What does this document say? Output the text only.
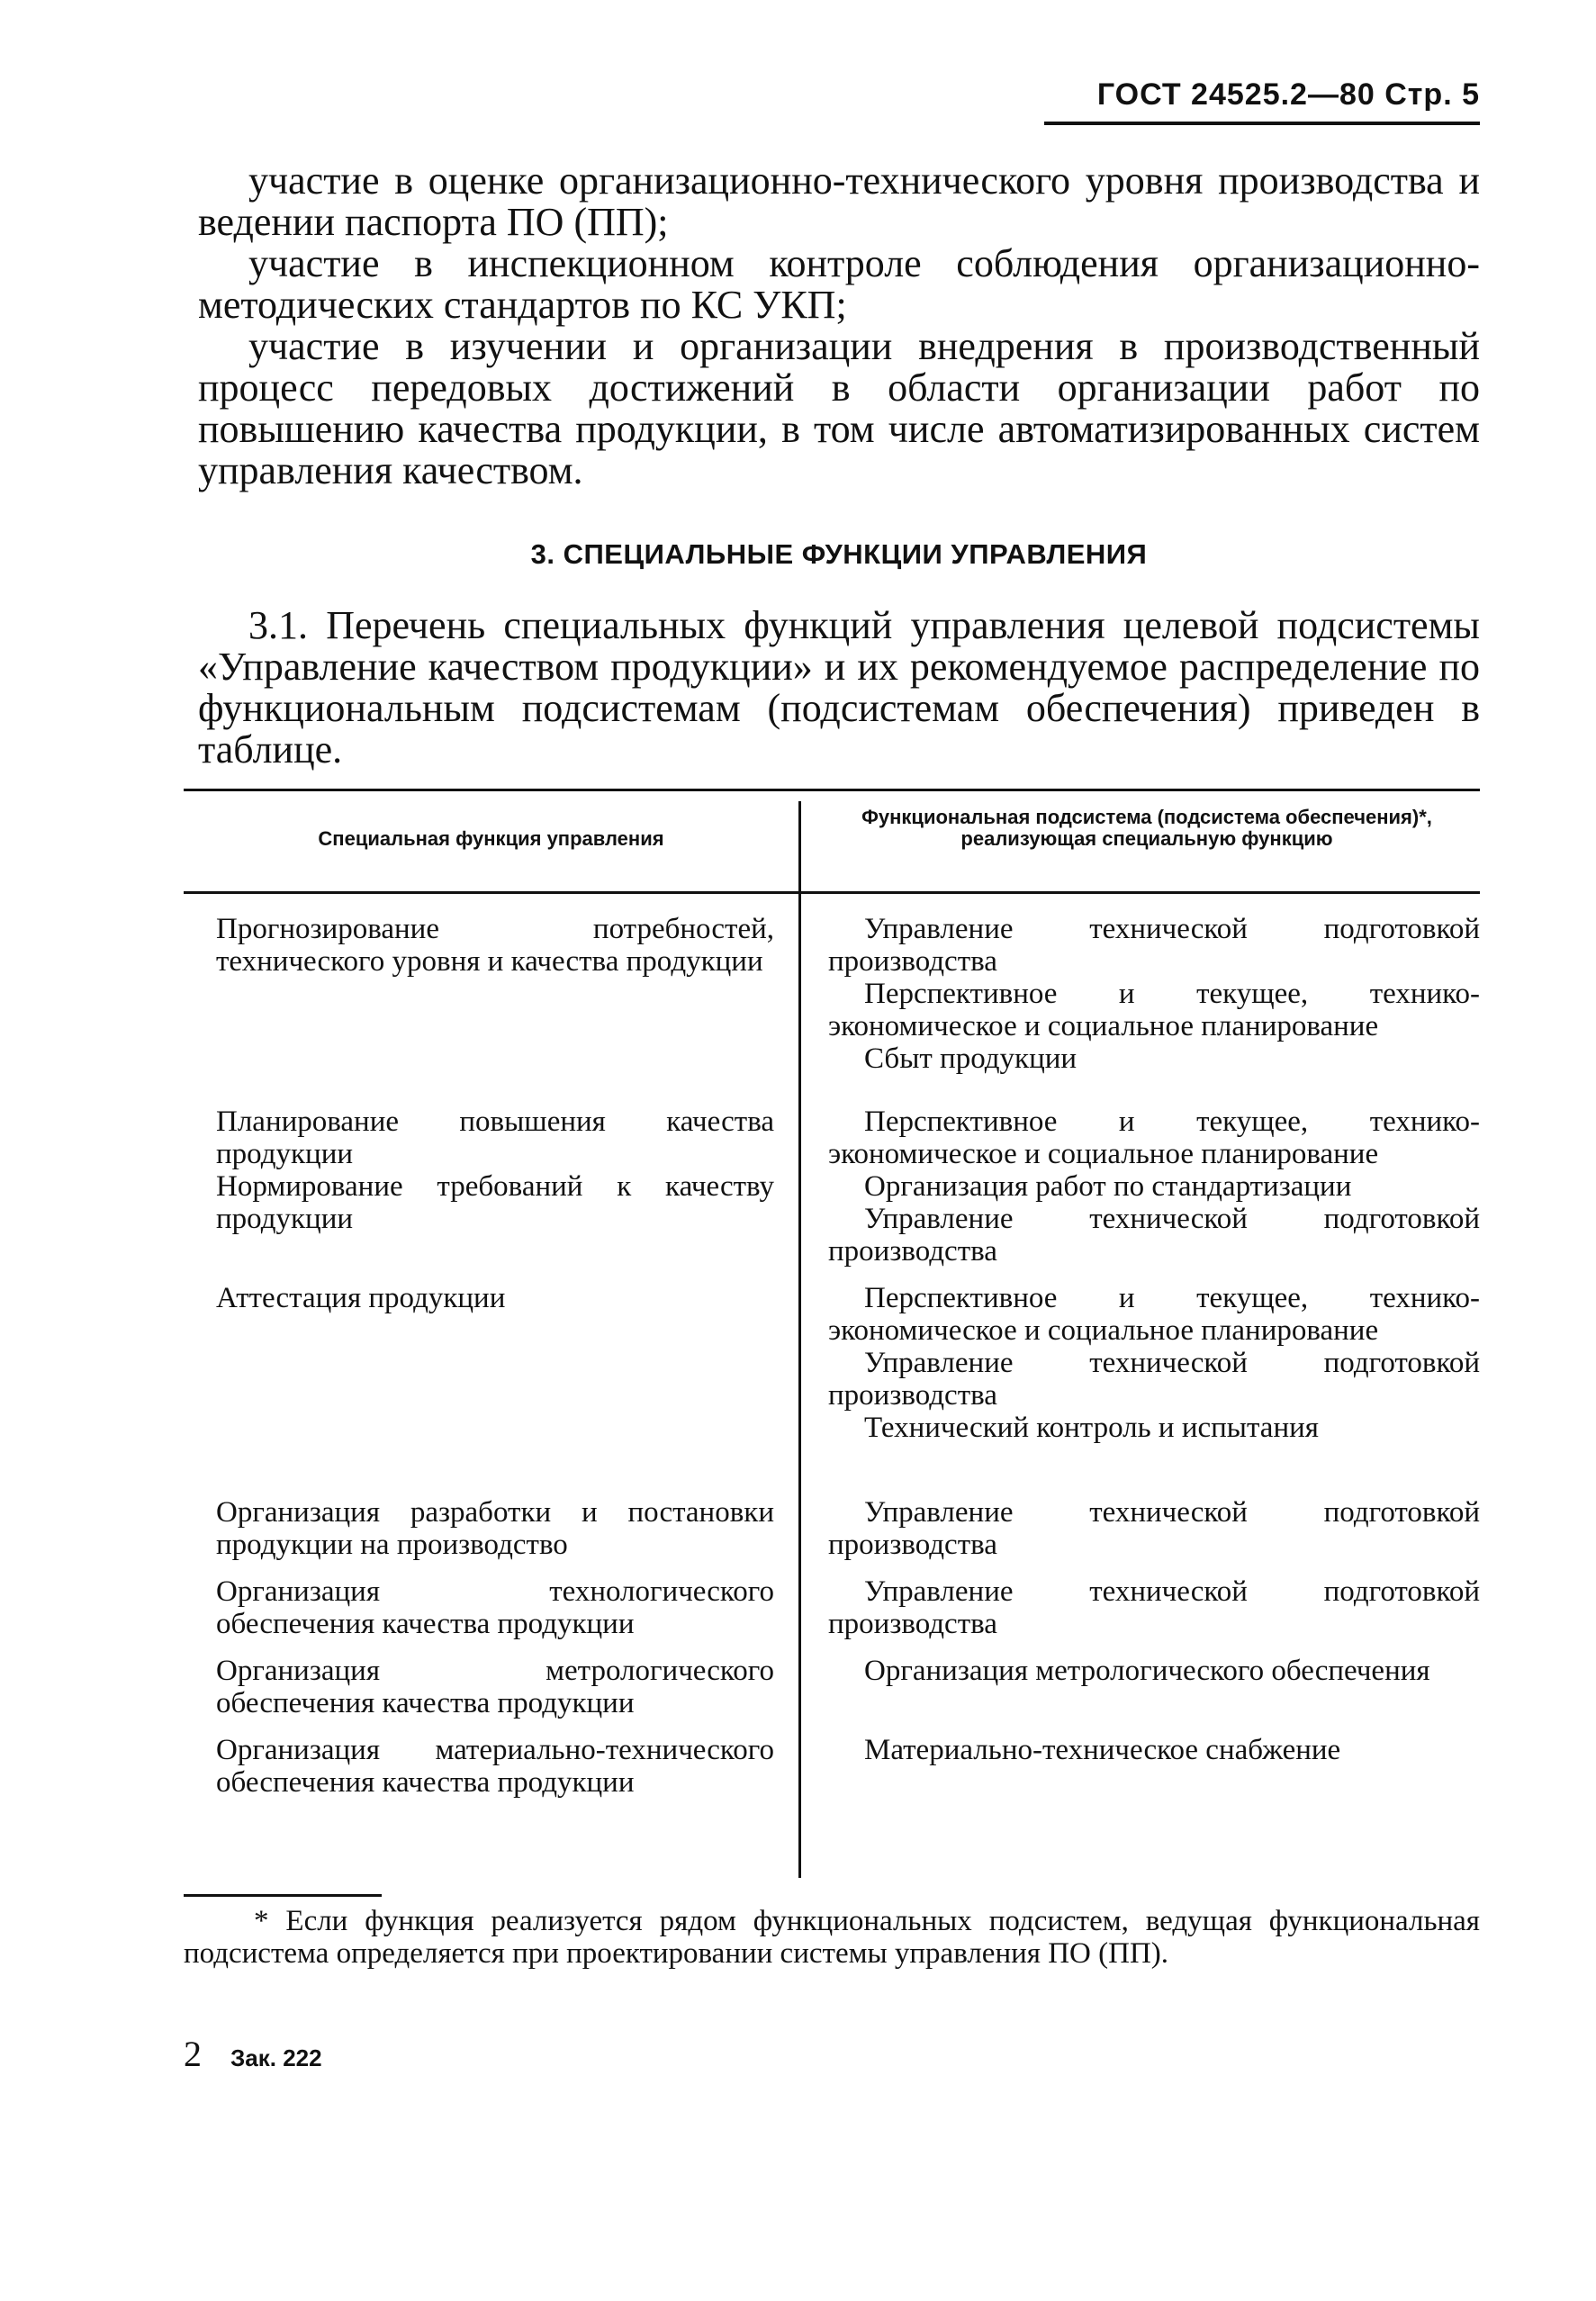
ГОСТ 24525.2—80 Стр. 5

участие в оценке организационно-технического уровня производства и ведении паспорта ПО (ПП);

участие в инспекционном контроле соблюдения организационно-методических стандартов по КС УКП;

участие в изучении и организации внедрения в производственный процесс передовых достижений в области организации работ по повышению качества продукции, в том числе автоматизированных систем управления качеством.

3. СПЕЦИАЛЬНЫЕ ФУНКЦИИ УПРАВЛЕНИЯ

3.1. Перечень специальных функций управления целевой подсистемы «Управление качеством продукции» и их рекомендуемое распределение по функциональным подсистемам (подсистемам обеспечения) приведен в таблице.

Специальная функция управления
Функциональная подсистема (подсистема обеспечения)*, реализующая специальную функцию
Прогнозирование потребностей, технического уровня и качества продукции

Управление технической подготовкой производства

Перспективное и текущее, технико-экономическое и социальное планирование

Сбыт продукции

Планирование повышения качества продукции

Перспективное и текущее, технико-экономическое и социальное планирование

Нормирование требований к качеству продукции

Организация работ по стандартизации

Управление технической подготовкой производства

Аттестация продукции	Перспективное и текущее, технико-экономическое и социальное планирование

Управление технической подготовкой производства

Технический контроль и испытания

Организация разработки и постановки продукции на производство

Управление технической подготовкой производства

Организация технологического обеспечения качества продукции

Управление технической подготовкой производства

Организация метрологического обеспечения качества продукции

Организация метрологического обеспечения

Организация материально-технического обеспечения качества продукции

Материально-техническое снабжение

* Если функция реализуется рядом функциональных подсистем, ведущая функциональная подсистема определяется при проектировании системы управления ПО (ПП).

2 Зак. 222
